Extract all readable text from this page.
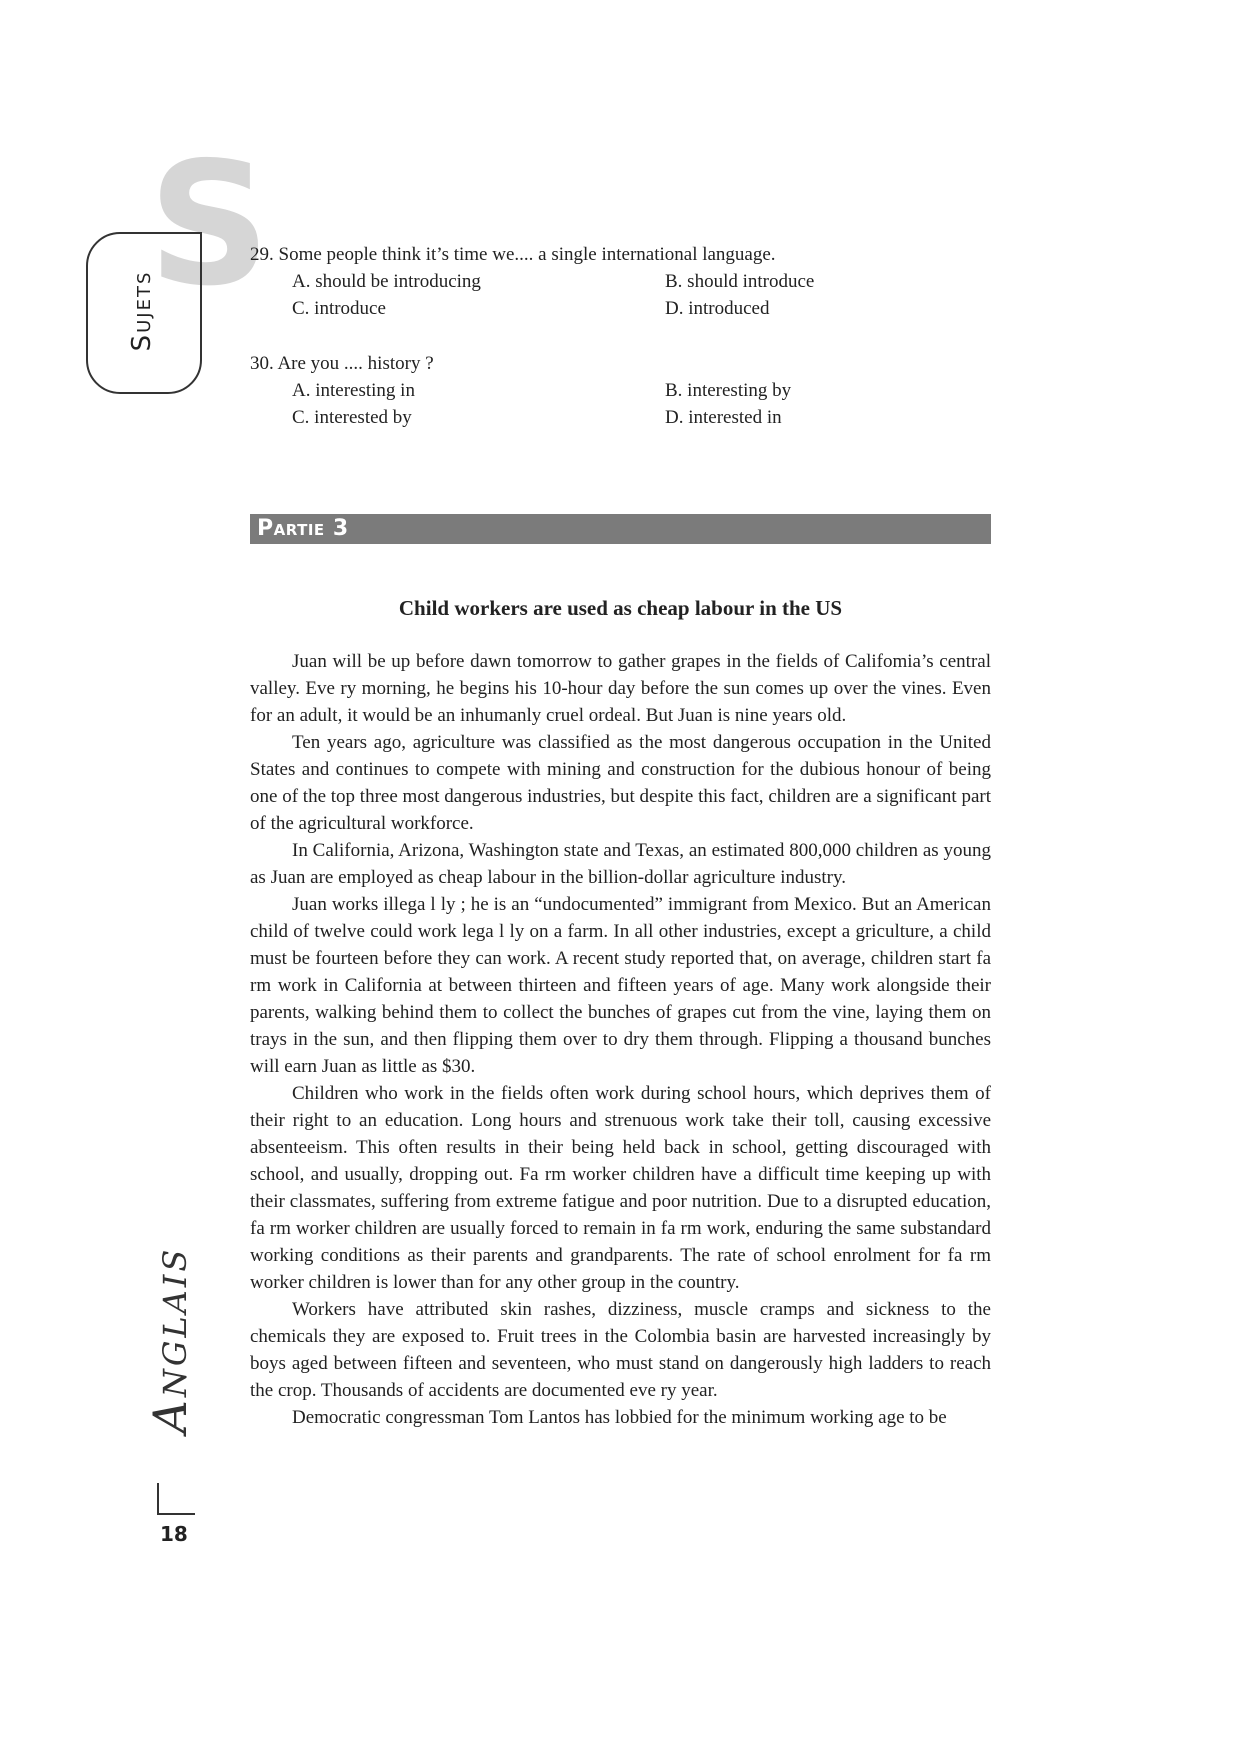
S
Sujets
Anglais
18

29. Some people think it’s time we.... a single international language.

A. should be introducing	B. should introduce
C. introduce	D. introduced

30. Are you .... history ?

A. interesting in	B. interesting by
C. interested by	D. interested in
Partie 3
Child workers are used as cheap labour in the US

Juan will be up before dawn tomorrow to gather grapes in the fields of Califomia’s central valley. Eve ry morning, he begins his 10-hour day before the sun comes up over the vines. Even for an adult, it would be an inhumanly cruel ordeal. But Juan is nine years old.

Ten years ago, agriculture was classified as the most dangerous occupation in the United States and continues to compete with mining and construction for the dubious honour of being one of the top three most dangerous industries, but despite this fact, children are a significant part of the agricultural workforce.

In California, Arizona, Washington state and Texas, an estimated 800,000 children as young as Juan are employed as cheap labour in the billion-dollar agriculture industry.

Juan works illega l ly ; he is an “undocumented” immigrant from Mexico. But an American child of twelve could work lega l ly on a farm. In all other industries, except a griculture, a child must be fourteen before they can work. A recent study reported that, on average, children start fa rm work in California at between thirteen and fifteen years of age. Many work alongside their parents, walking behind them to collect the bunches of grapes cut from the vine, laying them on trays in the sun, and then flipping them over to dry them through. Flipping a thousand bunches will earn Juan as little as $30.

Children who work in the fields often work during school hours, which deprives them of their right to an education. Long hours and strenuous work take their toll, causing excessive absenteeism. This often results in their being held back in school, getting discouraged with school, and usually, dropping out. Fa rm worker children have a difficult time keeping up with their classmates, suffering from extreme fatigue and poor nutrition. Due to a disrupted education, fa rm worker children are usually forced to remain in fa rm work, enduring the same substandard working conditions as their parents and grandparents. The rate of school enrolment for fa rm worker children is lower than for any other group in the country.

Workers have attributed skin rashes, dizziness, muscle cramps and sickness to the chemicals they are exposed to. Fruit trees in the Colombia basin are harvested increasingly by boys aged between fifteen and seventeen, who must stand on dangerously high ladders to reach the crop. Thousands of accidents are documented eve ry year.

Democratic congressman Tom Lantos has lobbied for the minimum working age to be
